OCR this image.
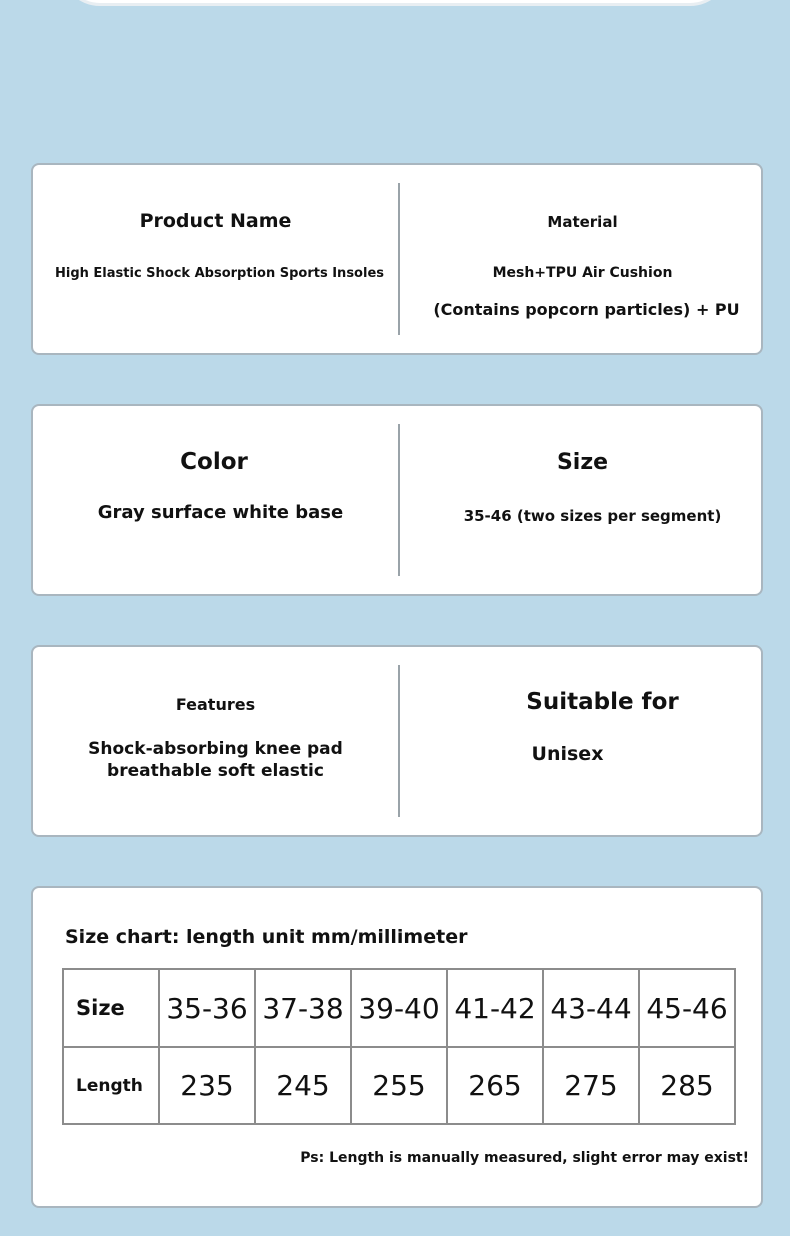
Product Name
High Elastic Shock Absorption Sports Insoles
Material
Mesh+TPU Air Cushion
(Contains popcorn particles) + PU
Color
Gray surface white base
Size
35-46 (two sizes per segment)
Features
Shock-absorbing knee pad
breathable soft elastic
Suitable for
Unisex
Size chart: length unit mm/millimeter
Size	35-36	37-38	39-40	41-42	43-44	45-46
Length	235	245	255	265	275	285
Ps: Length is manually measured, slight error may exist!
